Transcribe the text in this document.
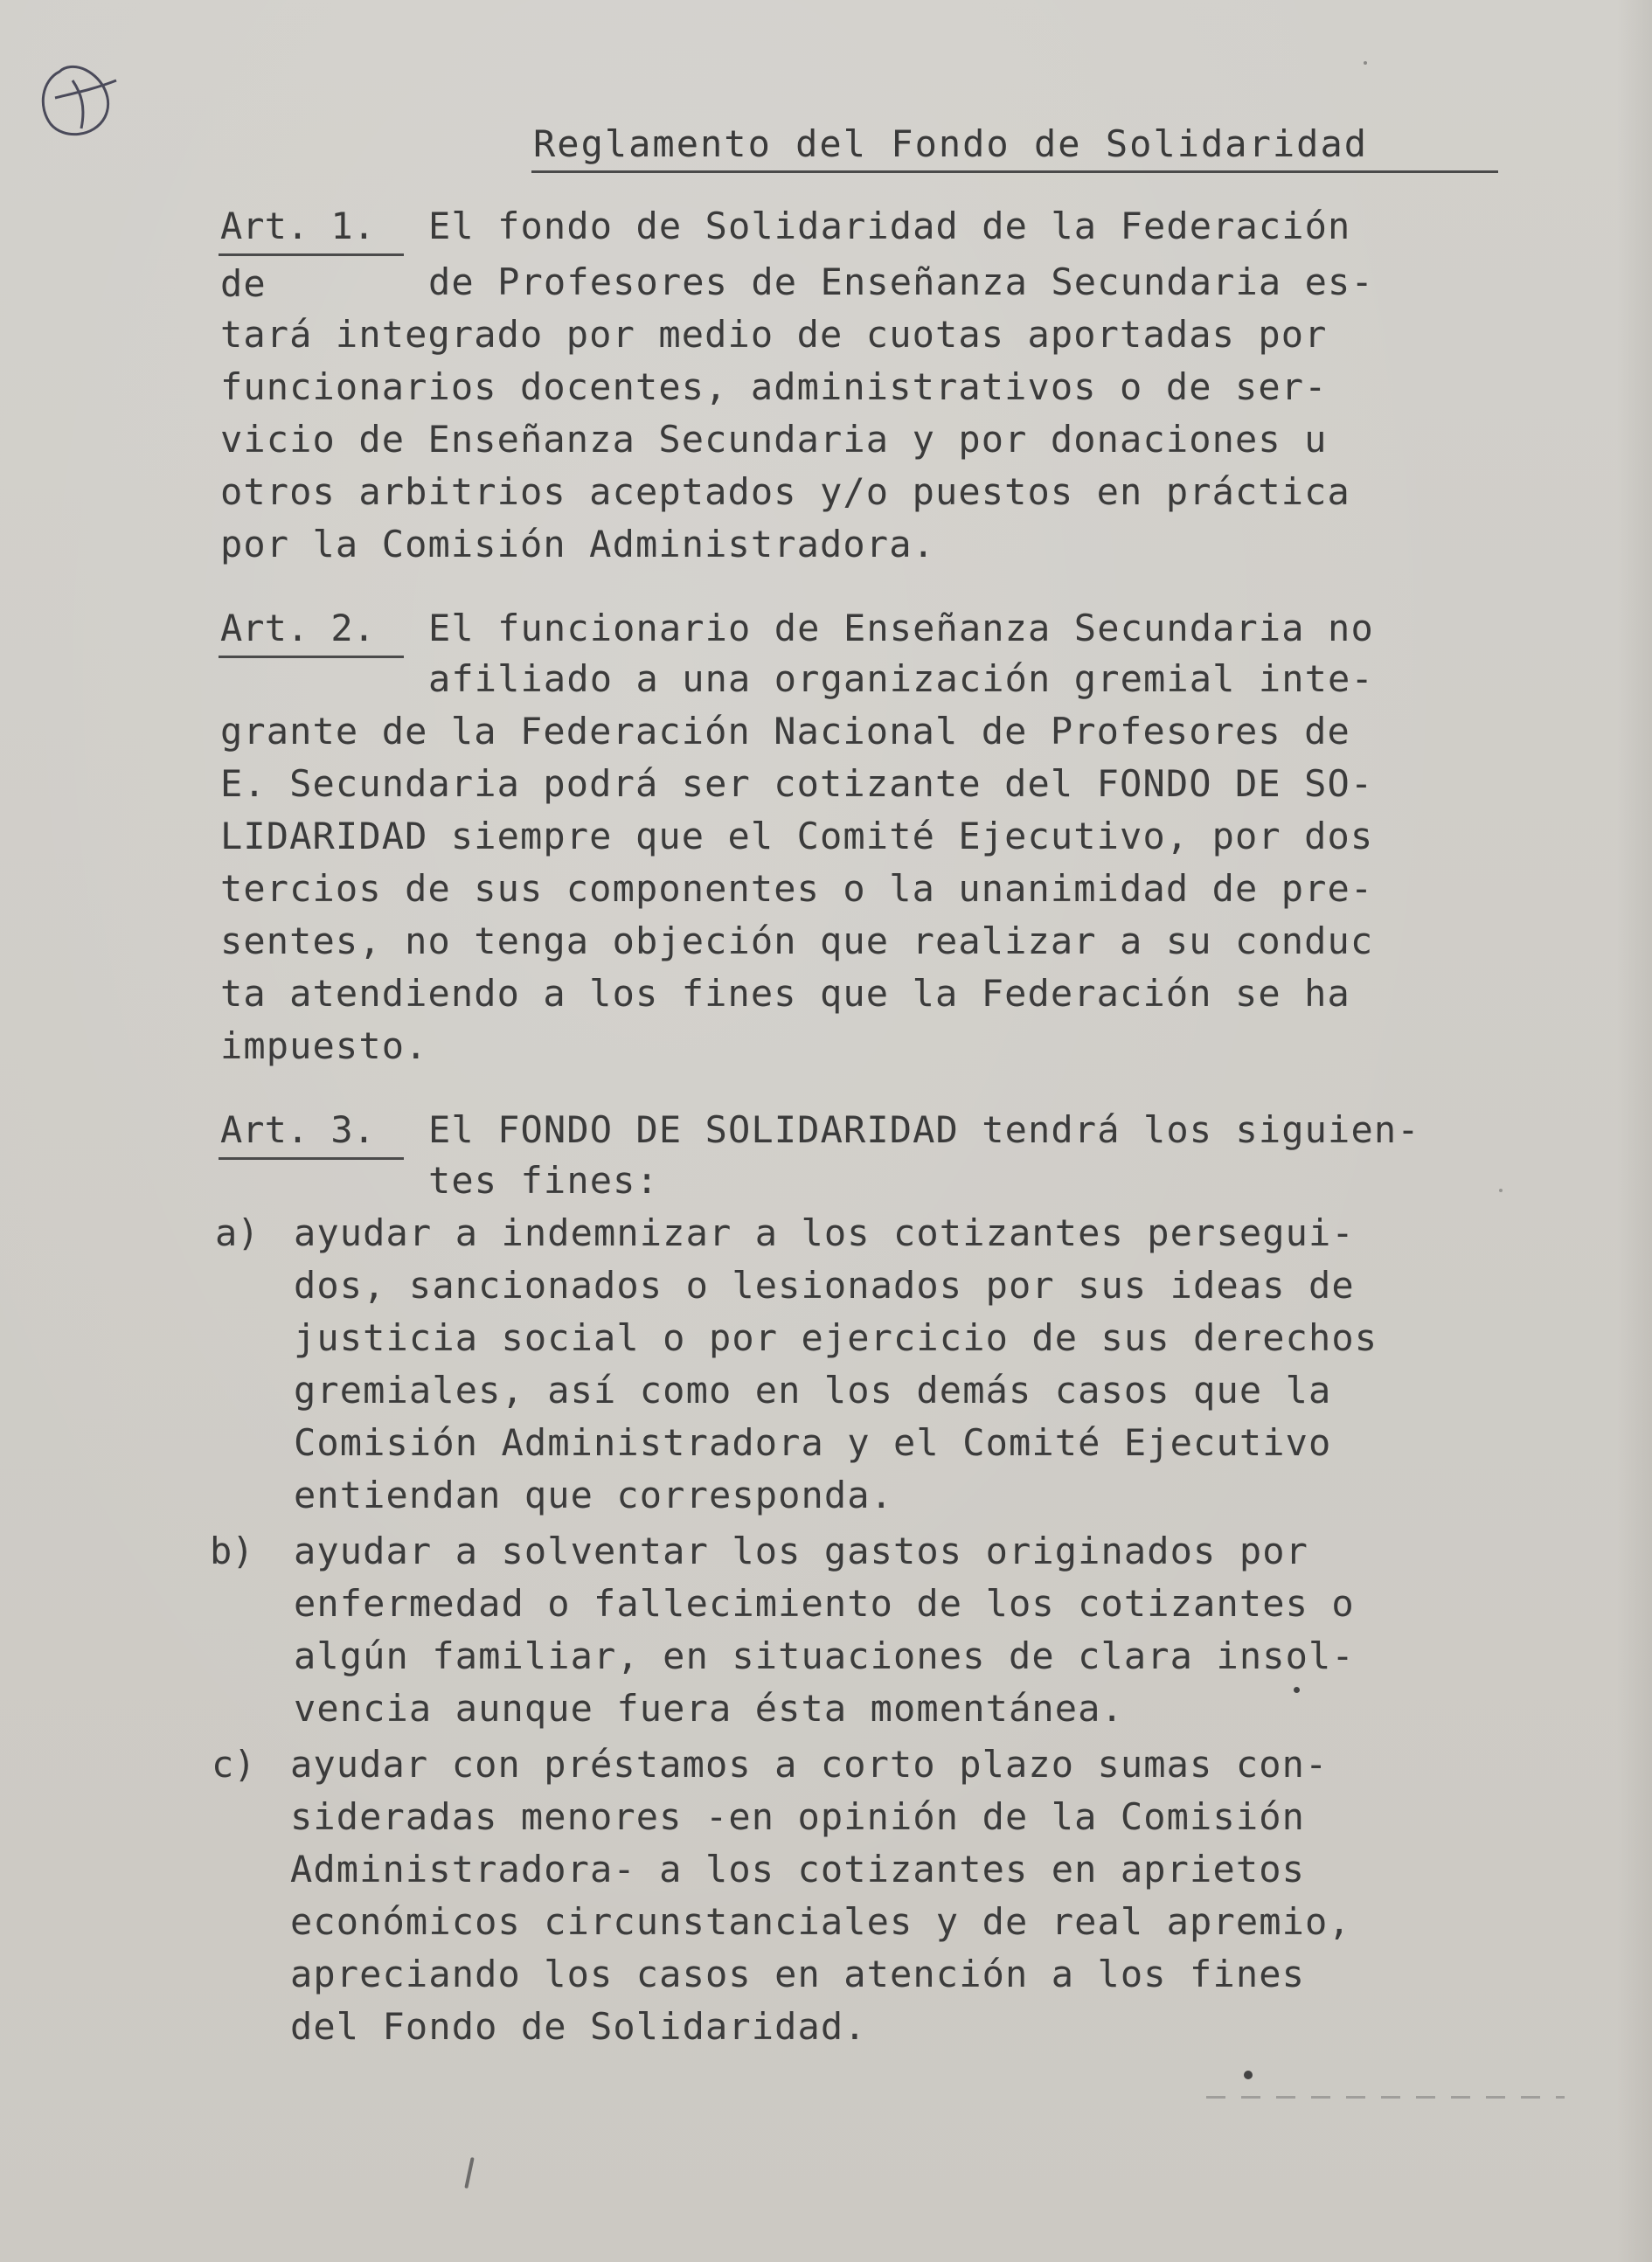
Reglamento del Fondo de Solidaridad
Art. 1. El fondo de Solidaridad de la Federación
de	de Profesores de Enseñanza Secundaria es-
tará integrado por medio de cuotas aportadas por
funcionarios docentes, administrativos o de ser-
vicio de Enseñanza Secundaria y por donaciones u
otros arbitrios aceptados y/o puestos en práctica
por la Comisión Administradora.
Art. 2. El funcionario de Enseñanza Secundaria no
afiliado a una organización gremial inte-
grante de la Federación Nacional de Profesores de
E. Secundaria podrá ser cotizante del FONDO DE SO-
LIDARIDAD siempre que el Comité Ejecutivo, por dos
tercios de sus componentes o la unanimidad de pre-
sentes, no tenga objeción que realizar a su conduc
ta atendiendo a los fines que la Federación se ha
impuesto.
Art. 3. El FONDO DE SOLIDARIDAD tendrá los siguien-
tes fines:
a) ayudar a indemnizar a los cotizantes persegui-
dos, sancionados o lesionados por sus ideas de
justicia social o por ejercicio de sus derechos
gremiales, así como en los demás casos que la
Comisión Administradora y el Comité Ejecutivo
entiendan que corresponda.
b) ayudar a solventar los gastos originados por
enfermedad o fallecimiento de los cotizantes o
algún familiar, en situaciones de clara insol-
vencia aunque fuera ésta momentánea.
c) ayudar con préstamos a corto plazo sumas con-
sideradas menores -en opinión de la Comisión
Administradora- a los cotizantes en aprietos
económicos circunstanciales y de real apremio,
apreciando los casos en atención a los fines
del Fondo de Solidaridad.
